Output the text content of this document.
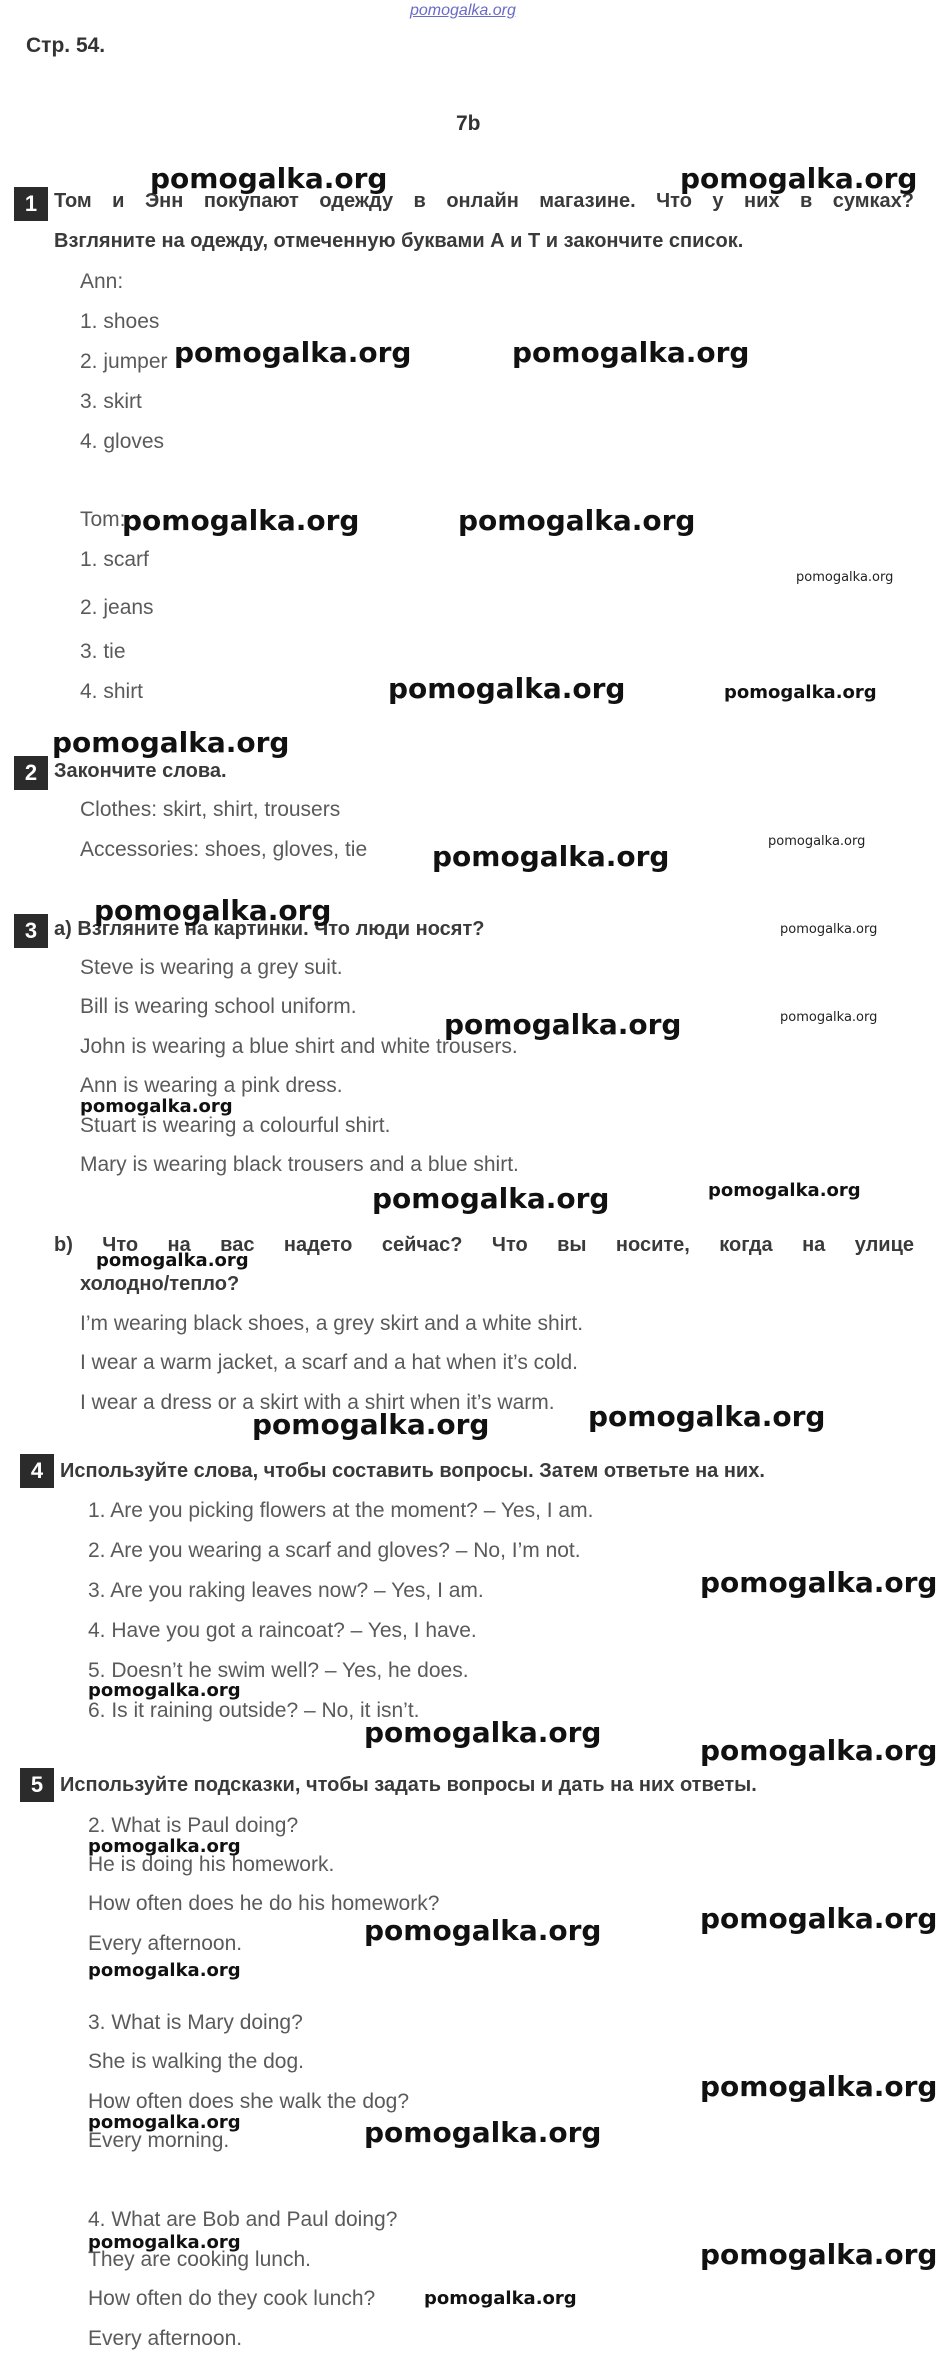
pomogalka.org
Стр. 54.
7b
1 Том и Энн покупают одежду в онлайн магазине. Что у них в сумках?
Взгляните на одежду, отмеченную буквами А и Т и закончите список.
Ann:
1. shoes
2. jumper
3. skirt
4. gloves
Tom:
1. scarf
2. jeans
3. tie
4. shirt
2 Закончите слова.
Clothes: skirt, shirt, trousers
Accessories: shoes, gloves, tie
3 a) Взгляните на картинки. Что люди носят?
Steve is wearing a grey suit.
Bill is wearing school uniform.
John is wearing a blue shirt and white trousers.
Ann is wearing a pink dress.
Stuart is wearing a colourful shirt.
Mary is wearing black trousers and a blue shirt.
b) Что на вас надето сейчас? Что вы носите, когда на улице
холодно/тепло?
I’m wearing black shoes, a grey skirt and a white shirt.
I wear a warm jacket, a scarf and a hat when it’s cold.
I wear a dress or a skirt with a shirt when it’s warm.
4 Используйте слова, чтобы составить вопросы. Затем ответьте на них.
1. Are you picking flowers at the moment? – Yes, I am.
2. Are you wearing a scarf and gloves? – No, I’m not.
3. Are you raking leaves now? – Yes, I am.
4. Have you got a raincoat? – Yes, I have.
5. Doesn’t he swim well? – Yes, he does.
6. Is it raining outside? – No, it isn’t.
5 Используйте подсказки, чтобы задать вопросы и дать на них ответы.
2. What is Paul doing?
He is doing his homework.
How often does he do his homework?
Every afternoon.
3. What is Mary doing?
She is walking the dog.
How often does she walk the dog?
Every morning.
4. What are Bob and Paul doing?
They are cooking lunch.
How often do they cook lunch?
Every afternoon.
pomogalka.org	pomogalka.org
pomogalka.org	pomogalka.org
pomogalka.org	pomogalka.org
pomogalka.org
pomogalka.org	pomogalka.org
pomogalka.org
pomogalka.org
pomogalka.org
pomogalka.org
pomogalka.org
pomogalka.org	pomogalka.org
pomogalka.org
pomogalka.org	pomogalka.org
pomogalka.org
pomogalka.org	pomogalka.org
pomogalka.org
pomogalka.org
pomogalka.org
pomogalka.org
pomogalka.org
pomogalka.org	pomogalka.org
pomogalka.org
pomogalka.org
pomogalka.org	pomogalka.org
pomogalka.org	pomogalka.org
pomogalka.org
